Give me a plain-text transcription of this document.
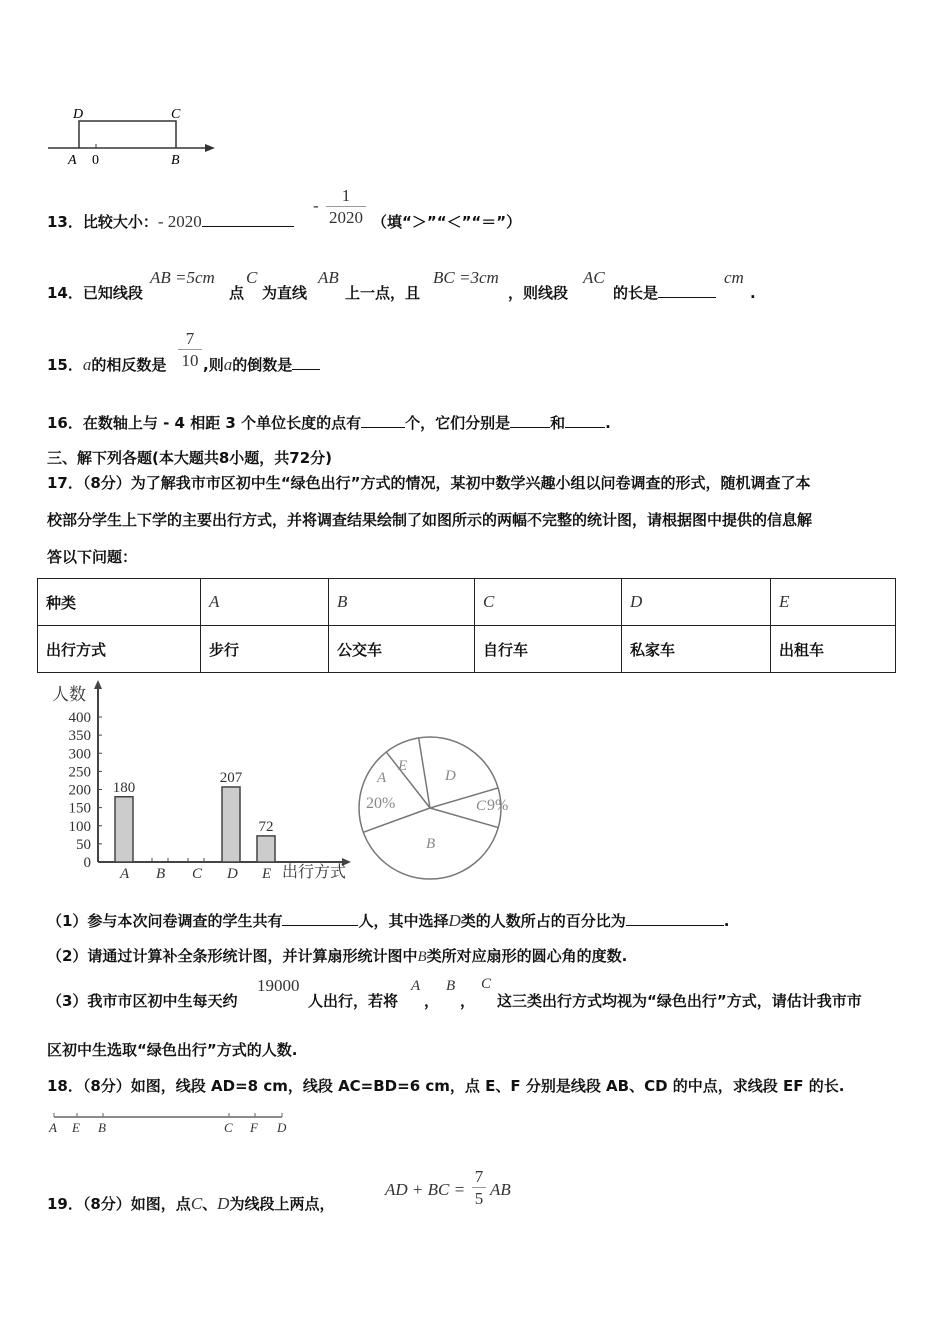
D	C
A 0	B
13．比较大小：- 2020
- $\frac{1}{2020}$ （填“＞”“＜”“＝”）
14．已知线段
AB =5cm
点
C
为直线
AB
上一点，且
BC =3cm
，则线段
AC
的长是
cm
.
15．a的相反数是 $\frac{7}{10}$ ,则a的倒数是
16．在数轴上与 - 4 相距 3 个单位长度的点有	个，它们分别是	和	.
三、解下列各题(本大题共8小题，共72分)
17．（8分）为了解我市市区初中生“绿色出行”方式的情况，某初中数学兴趣小组以问卷调查的形式，随机调查了本
校部分学生上下学的主要出行方式，并将调查结果绘制了如图所示的两幅不完整的统计图，请根据图中提供的信息解
答以下问题：
种类	A	B	C	D	E
出行方式	步行	公交车	自行车	私家车	出租车
人数
出行方式
0
50
100
150
200
250
300
350
400
A
180
B C D
207
E
72
A
E
D
C
B
20%	9%
（1）参与本次问卷调查的学生共有	人，其中选择D类的人数所占的百分比为	.
（2）请通过计算补全条形统计图，并计算扇形统计图中B类所对应扇形的圆心角的度数.
（3）我市市区初中生每天约
19000
人出行，若将
A
，
B
，
C
这三类出行方式均视为“绿色出行”方式，请估计我市市
区初中生选取“绿色出行”方式的人数.
18．（8分）如图，线段 AD=8 cm，线段 AC=BD=6 cm，点 E、F 分别是线段 AB、CD 的中点，求线段 EF 的长.
A E B	C F D
19．（8分）如图，点C、D为线段上两点，
AD + BC = $\frac{7}{5}$ AB
